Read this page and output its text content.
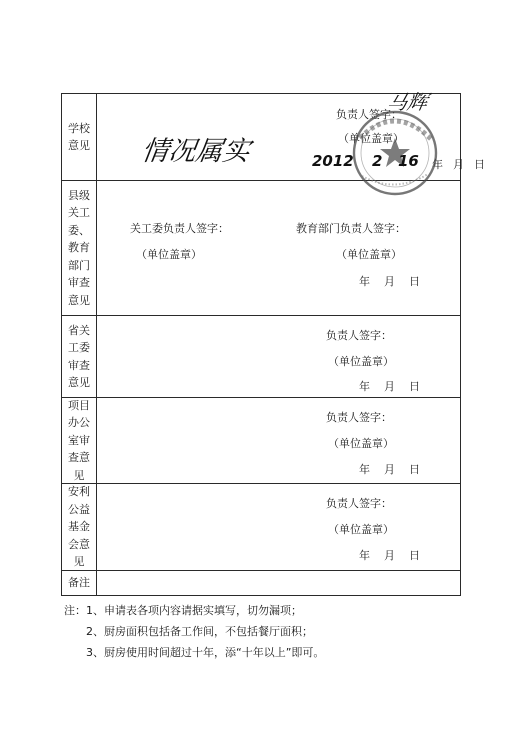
学校意见
负责人签字：
（单位盖章）
年月日
县级关工委、教育部门审查意见
关工委负责人签字：
（单位盖章）
教育部门负责人签字：
（单位盖章）
年 月 日
省关工委审查意见
负责人签字：
（单位盖章）
年 月 日
项目办公室审查意见
负责人签字：
（单位盖章）
年 月 日
安利公益基金会意见
负责人签字：
（单位盖章）
年 月 日
备注
情况属实
马辉
2012 2 16
注：1、申请表各项内容请据实填写，切勿漏项；
2、厨房面积包括备工作间，不包括餐厅面积；
3、厨房使用时间超过十年，添“十年以上”即可。
